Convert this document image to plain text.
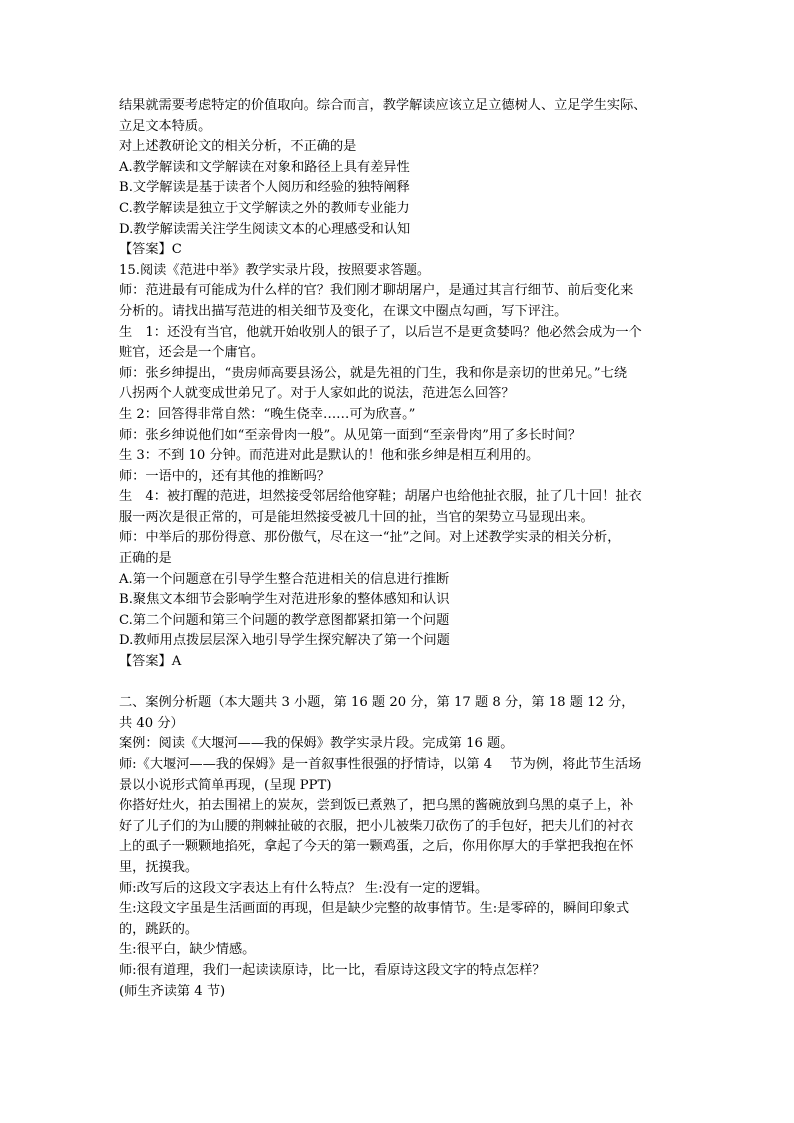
结果就需要考虑特定的价值取向。综合而言，教学解读应该立足立德树人、立足学生实际、
立足文本特质。
对上述教研论文的相关分析，不正确的是
A.教学解读和文学解读在对象和路径上具有差异性
B.文学解读是基于读者个人阅历和经验的独特阐释
C.教学解读是独立于文学解读之外的教师专业能力
D.教学解读需关注学生阅读文本的心理感受和认知
【答案】C
15.阅读《范进中举》教学实录片段，按照要求答题。
师：范进最有可能成为什么样的官？我们刚才聊胡屠户，是通过其言行细节、前后变化来
分析的。请找出描写范进的相关细节及变化，在课文中圈点勾画，写下评注。
生　1：还没有当官，他就开始收别人的银子了，以后岂不是更贪婪吗？他必然会成为一个
赃官，还会是一个庸官。
师：张乡绅提出，“贵房师高要县汤公，就是先祖的门生，我和你是亲切的世弟兄。”七绕
八拐两个人就变成世弟兄了。对于人家如此的说法，范进怎么回答？
生 2：回答得非常自然：“晚生侥幸……可为欣喜。”
师：张乡绅说他们如“至亲骨肉一般”。从见第一面到“至亲骨肉”用了多长时间？
生 3：不到 10 分钟。而范进对此是默认的！他和张乡绅是相互利用的。
师：一语中的，还有其他的推断吗？
生　4：被打醒的范进，坦然接受邻居给他穿鞋；胡屠户也给他扯衣服，扯了几十回！扯衣
服一两次是很正常的，可是能坦然接受被几十回的扯，当官的架势立马显现出来。
师：中举后的那份得意、那份傲气，尽在这一“扯”之间。对上述教学实录的相关分析，
正确的是
A.第一个问题意在引导学生整合范进相关的信息进行推断
B.聚焦文本细节会影响学生对范进形象的整体感知和认识
C.第二个问题和第三个问题的教学意图都紧扣第一个问题
D.教师用点拨层层深入地引导学生探究解决了第一个问题
【答案】A
二、案例分析题（本大题共 3 小题，第 16 题 20 分，第 17 题 8 分，第 18 题 12 分，
共 40 分）
案例：阅读《大堰河——我的保姆》教学实录片段。完成第 16 题。
师:《大堰河——我的保姆》是一首叙事性很强的抒情诗，以第 4　 节为例，将此节生活场
景以小说形式简单再现，(呈现 PPT)
你搭好灶火，拍去围裙上的炭灰，尝到饭已煮熟了，把乌黑的酱碗放到乌黑的桌子上，补
好了儿子们的为山腰的荆棘扯破的衣服，把小儿被柴刀砍伤了的手包好，把夫儿们的衬衣
上的虱子一颗颗地掐死，拿起了今天的第一颗鸡蛋，之后，你用你厚大的手掌把我抱在怀
里，抚摸我。
师:改写后的这段文字表达上有什么特点？ 生:没有一定的逻辑。
生:这段文字虽是生活画面的再现，但是缺少完整的故事情节。生:是零碎的，瞬间印象式
的，跳跃的。
生:很平白，缺少情感。
师:很有道理，我们一起读读原诗，比一比，看原诗这段文字的特点怎样？
(师生齐读第 4 节)
